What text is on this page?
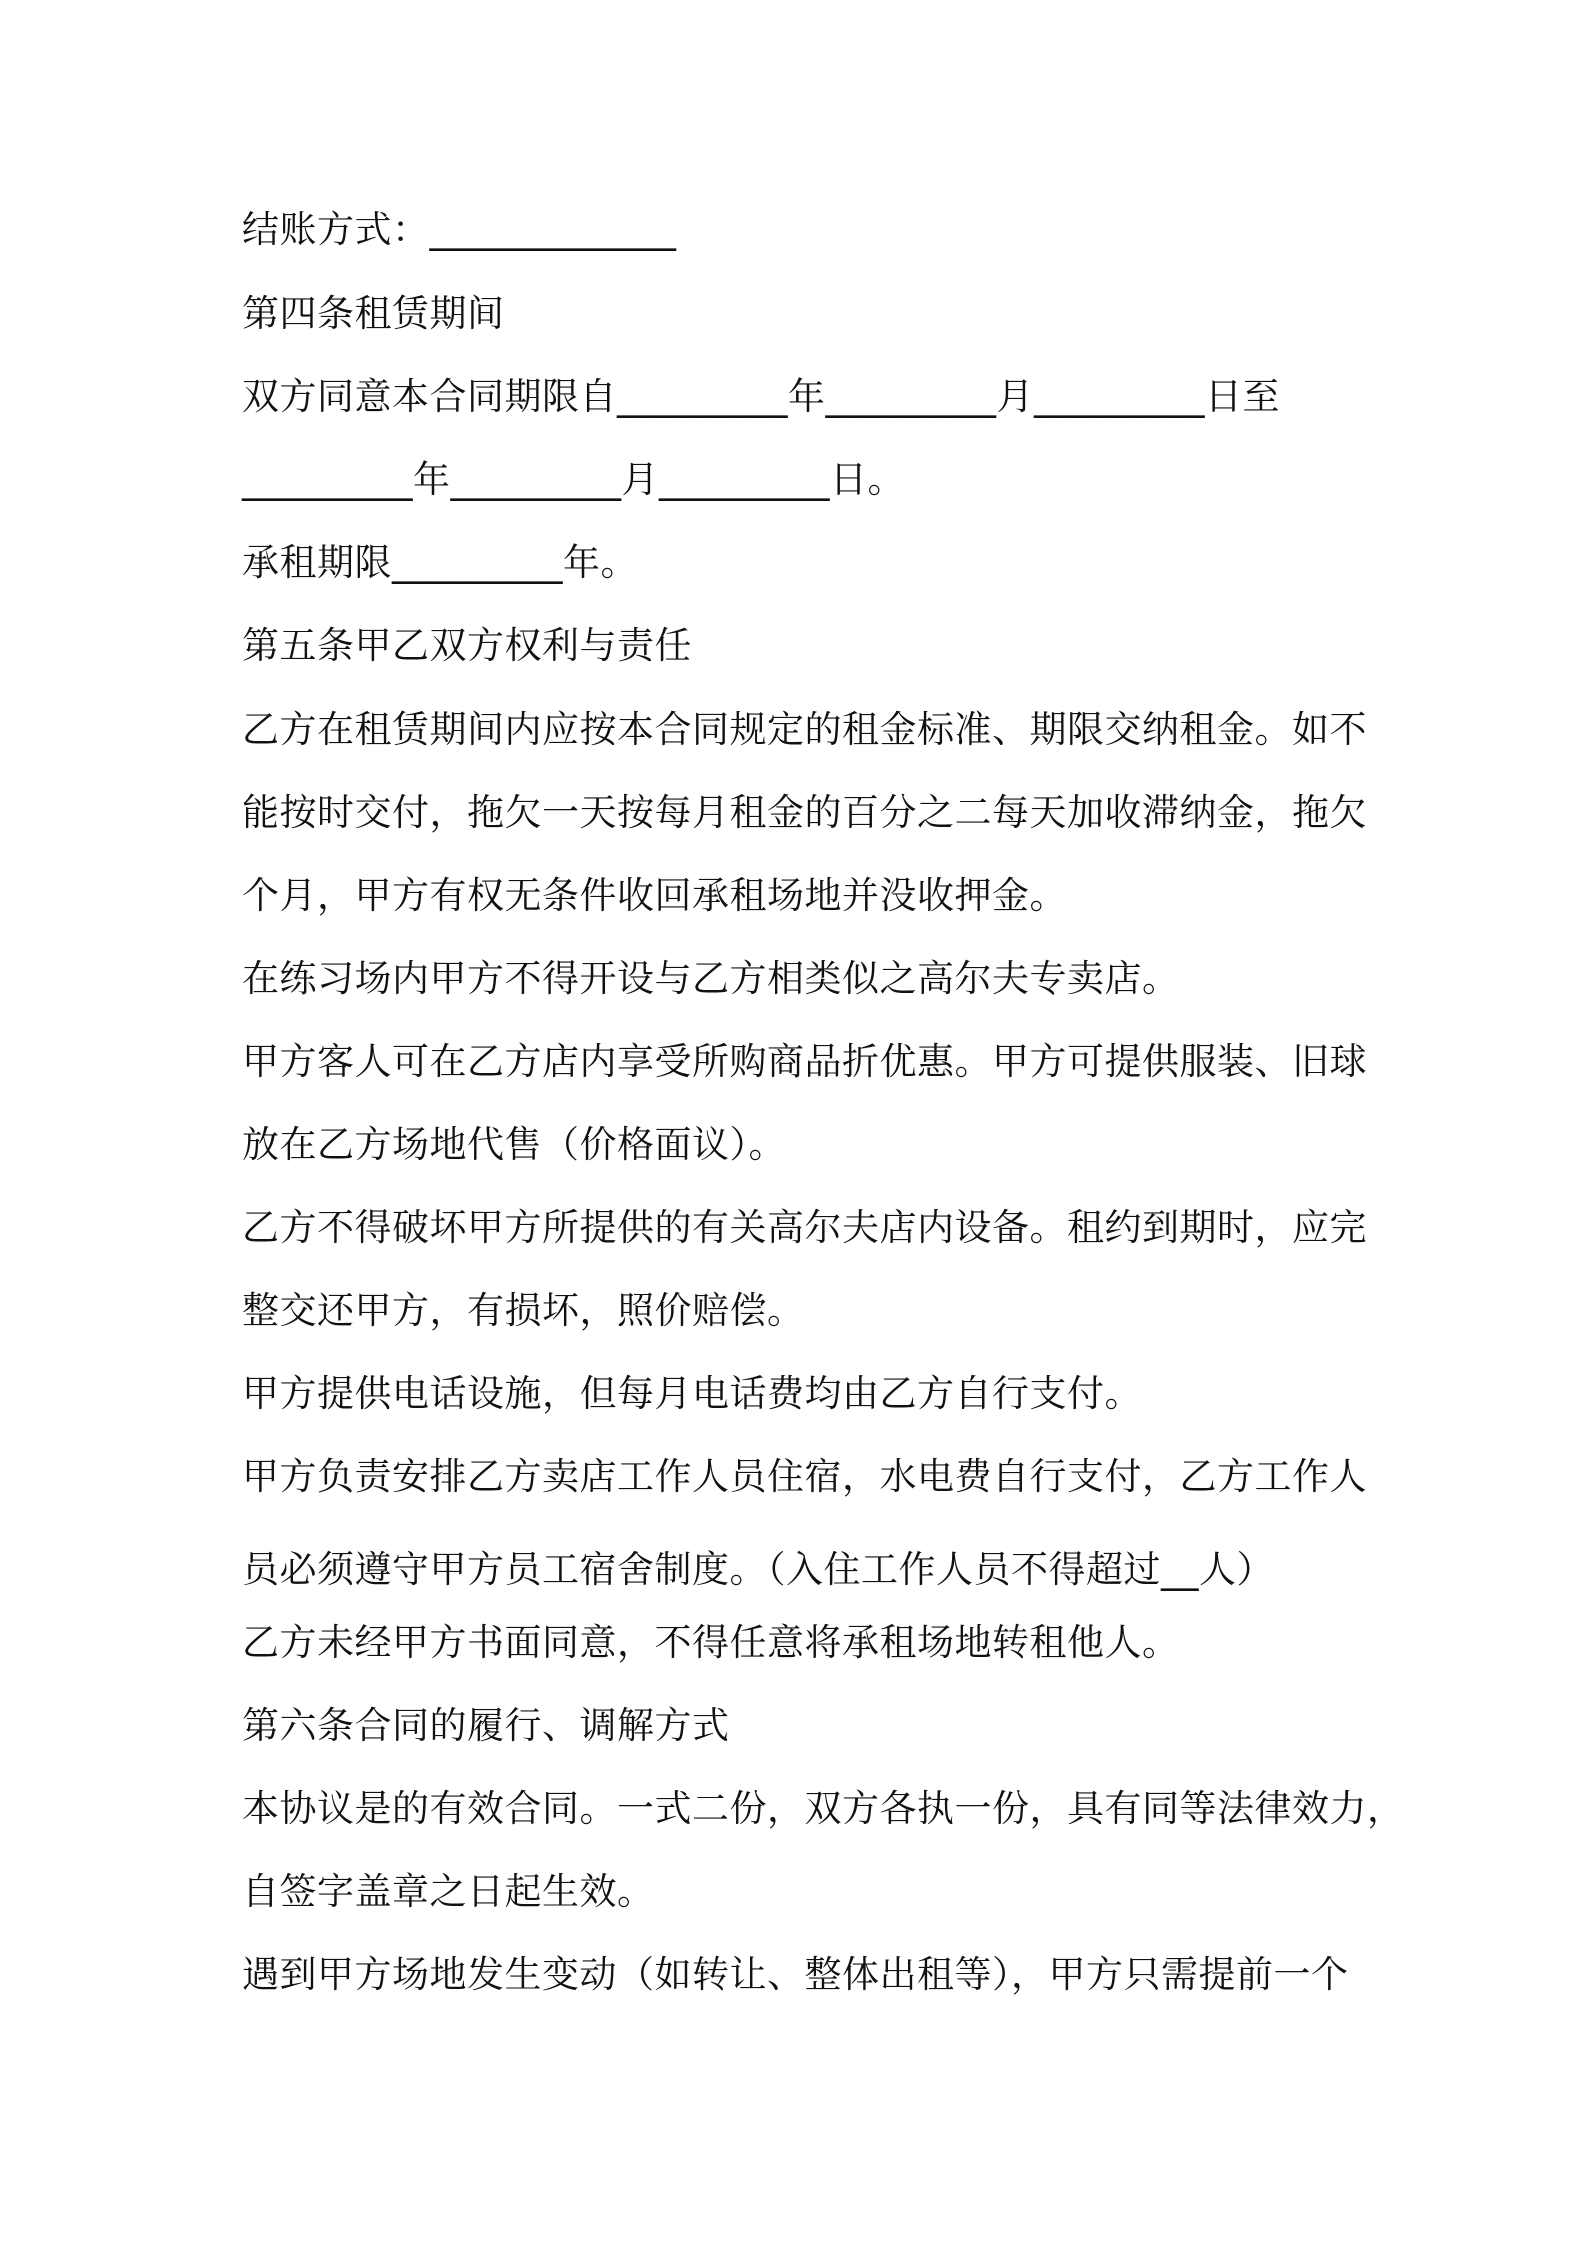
结账方式：_____________
第四条租赁期间
双方同意本合同期限自_________年_________月_________日至
_________年_________月_________日。
承租期限_________年。
第五条甲乙双方权利与责任
乙方在租赁期间内应按本合同规定的租金标准、期限交纳租金。如不
能按时交付，拖欠一天按每月租金的百分之二每天加收滞纳金，拖欠
个月，甲方有权无条件收回承租场地并没收押金。
在练习场内甲方不得开设与乙方相类似之高尔夫专卖店。
甲方客人可在乙方店内享受所购商品折优惠。甲方可提供服装、旧球
放在乙方场地代售（价格面议）。
乙方不得破坏甲方所提供的有关高尔夫店内设备。租约到期时，应完
整交还甲方，有损坏，照价赔偿。
甲方提供电话设施，但每月电话费均由乙方自行支付。
甲方负责安排乙方卖店工作人员住宿，水电费自行支付，乙方工作人
员必须遵守甲方员工宿舍制度。（入住工作人员不得超过__人）
乙方未经甲方书面同意，不得任意将承租场地转租他人。
第六条合同的履行、调解方式
本协议是的有效合同。一式二份，双方各执一份，具有同等法律效力，
自签字盖章之日起生效。
遇到甲方场地发生变动（如转让、整体出租等），甲方只需提前一个
